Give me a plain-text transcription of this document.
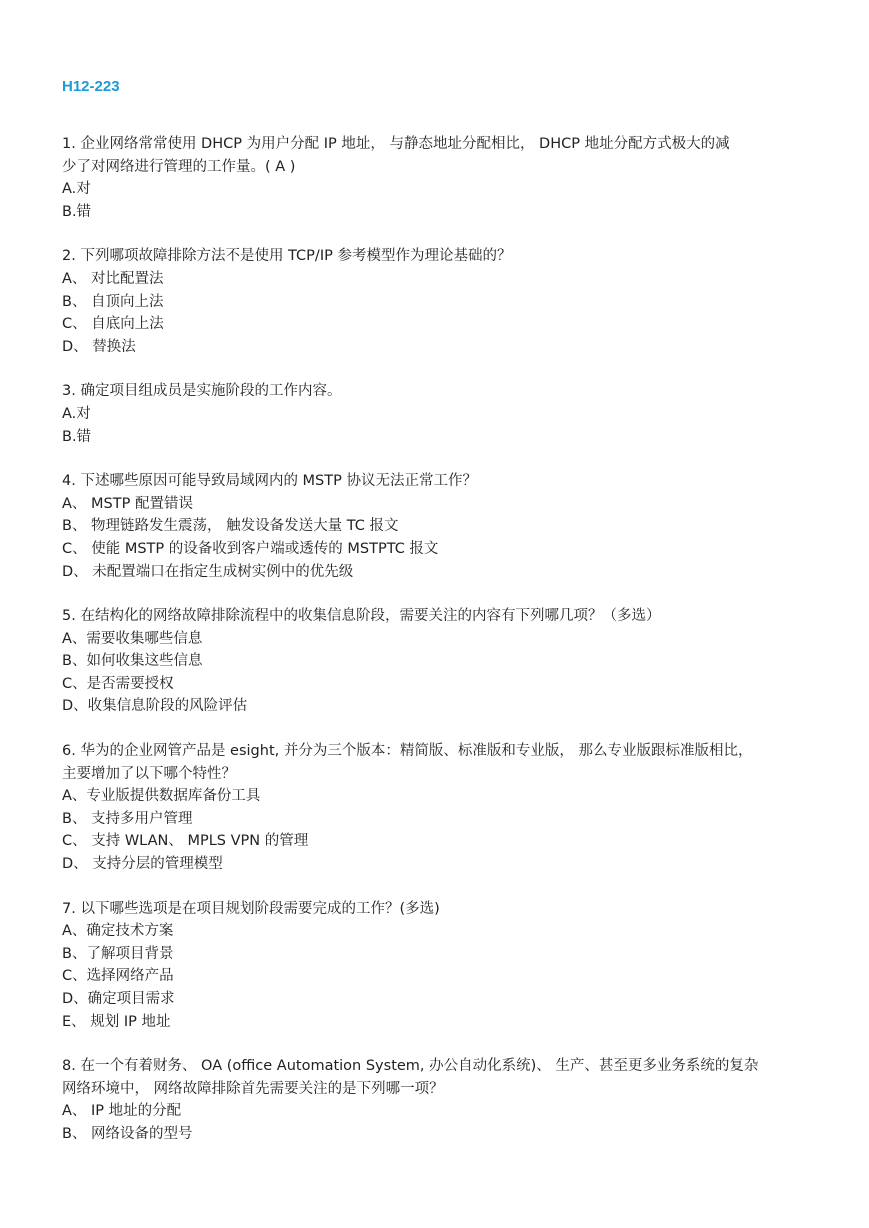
H12-223
1. 企业网络常常使用 DHCP 为用户分配 IP 地址， 与静态地址分配相比， DHCP 地址分配方式极大的减
少了对网络进行管理的工作量。( A )
A.对
B.错
2. 下列哪项故障排除方法不是使用 TCP/IP 参考模型作为理论基础的？
A、 对比配置法
B、 自顶向上法
C、 自底向上法
D、 替换法
3. 确定项目组成员是实施阶段的工作内容。
A.对
B.错
4. 下述哪些原因可能导致局域网内的 MSTP 协议无法正常工作？
A、 MSTP 配置错误
B、 物理链路发生震荡， 触发设备发送大量 TC 报文
C、 使能 MSTP 的设备收到客户端或透传的 MSTPTC 报文
D、 未配置端口在指定生成树实例中的优先级
5. 在结构化的网络故障排除流程中的收集信息阶段，需要关注的内容有下列哪几项？（多选）
A、需要收集哪些信息
B、如何收集这些信息
C、是否需要授权
D、收集信息阶段的风险评估
6. 华为的企业网管产品是 esight, 并分为三个版本：精简版、标准版和专业版， 那么专业版跟标准版相比，
主要增加了以下哪个特性？
A、专业版提供数据库备份工具
B、 支持多用户管理
C、 支持 WLAN、 MPLS VPN 的管理
D、 支持分层的管理模型
7. 以下哪些选项是在项目规划阶段需要完成的工作？(多选)
A、确定技术方案
B、了解项目背景
C、选择网络产品
D、确定项目需求
E、 规划 IP 地址
8. 在一个有着财务、 OA (office Automation System, 办公自动化系统)、 生产、甚至更多业务系统的复杂
网络环境中， 网络故障排除首先需要关注的是下列哪一项？
A、 IP 地址的分配
B、 网络设备的型号
